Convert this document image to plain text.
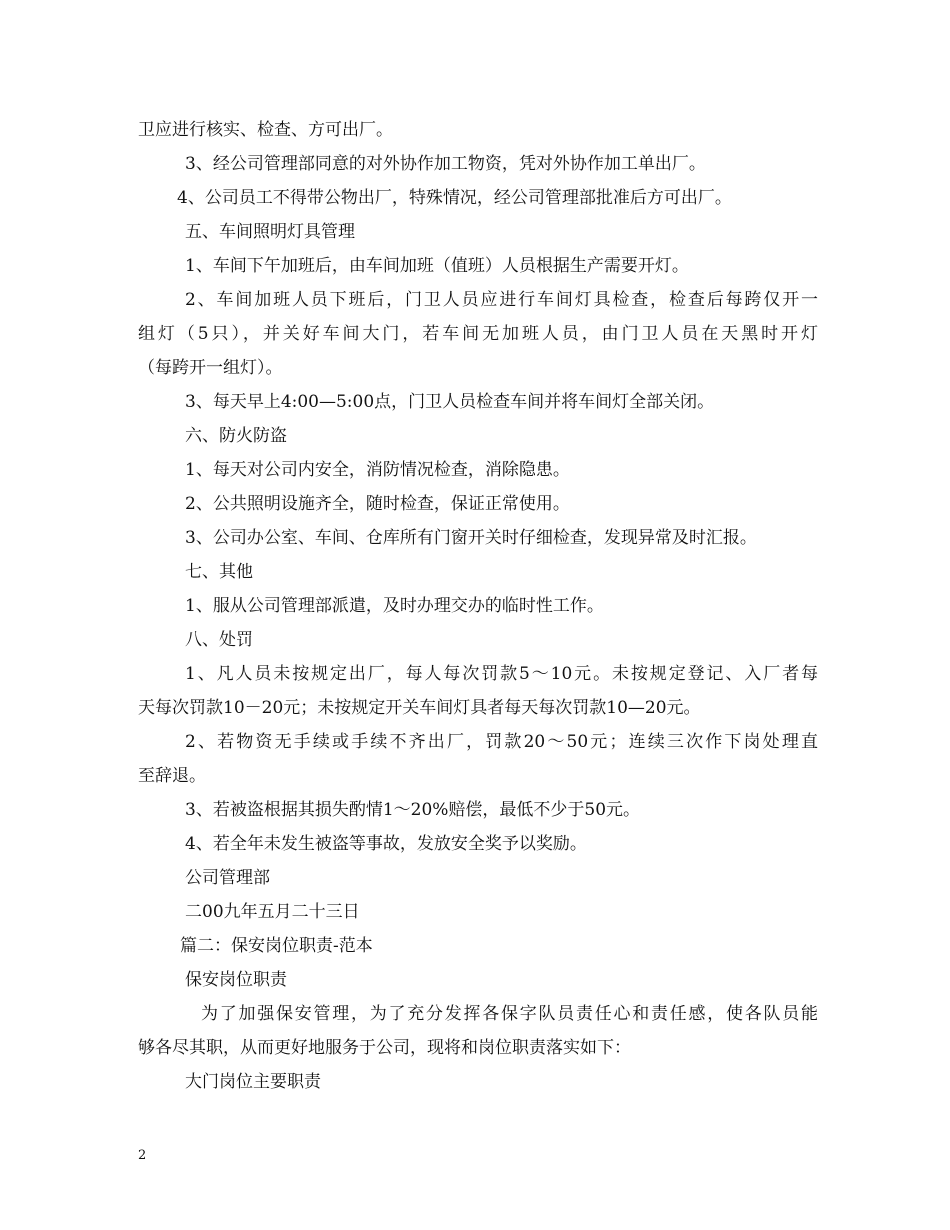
卫应进行核实、检查、方可出厂。
3、经公司管理部同意的对外协作加工物资，凭对外协作加工单出厂。
4、公司员工不得带公物出厂，特殊情况，经公司管理部批准后方可出厂。
五、车间照明灯具管理
1、车间下午加班后，由车间加班（值班）人员根据生产需要开灯。
2、车间加班人员下班后，门卫人员应进行车间灯具检查，检查后每跨仅开一
组灯（5只），并关好车间大门，若车间无加班人员，由门卫人员在天黑时开灯
（每跨开一组灯）。
3、每天早上4:00—5:00点，门卫人员检查车间并将车间灯全部关闭。
六、防火防盗
1、每天对公司内安全，消防情况检查，消除隐患。
2、公共照明设施齐全，随时检查，保证正常使用。
3、公司办公室、车间、仓库所有门窗开关时仔细检查，发现异常及时汇报。
七、其他
1、服从公司管理部派遣，及时办理交办的临时性工作。
八、处罚
1、凡人员未按规定出厂，每人每次罚款5～10元。未按规定登记、入厂者每
天每次罚款10－20元；未按规定开关车间灯具者每天每次罚款10—20元。
2、若物资无手续或手续不齐出厂，罚款20～50元；连续三次作下岗处理直
至辞退。
3、若被盗根据其损失酌情1～20%赔偿，最低不少于50元。
4、若全年未发生被盗等事故，发放安全奖予以奖励。
公司管理部
二00九年五月二十三日
篇二：保安岗位职责-范本
保安岗位职责
为了加强保安管理，为了充分发挥各保字队员责任心和责任感，使各队员能
够各尽其职，从而更好地服务于公司，现将和岗位职责落实如下：
大门岗位主要职责
2
